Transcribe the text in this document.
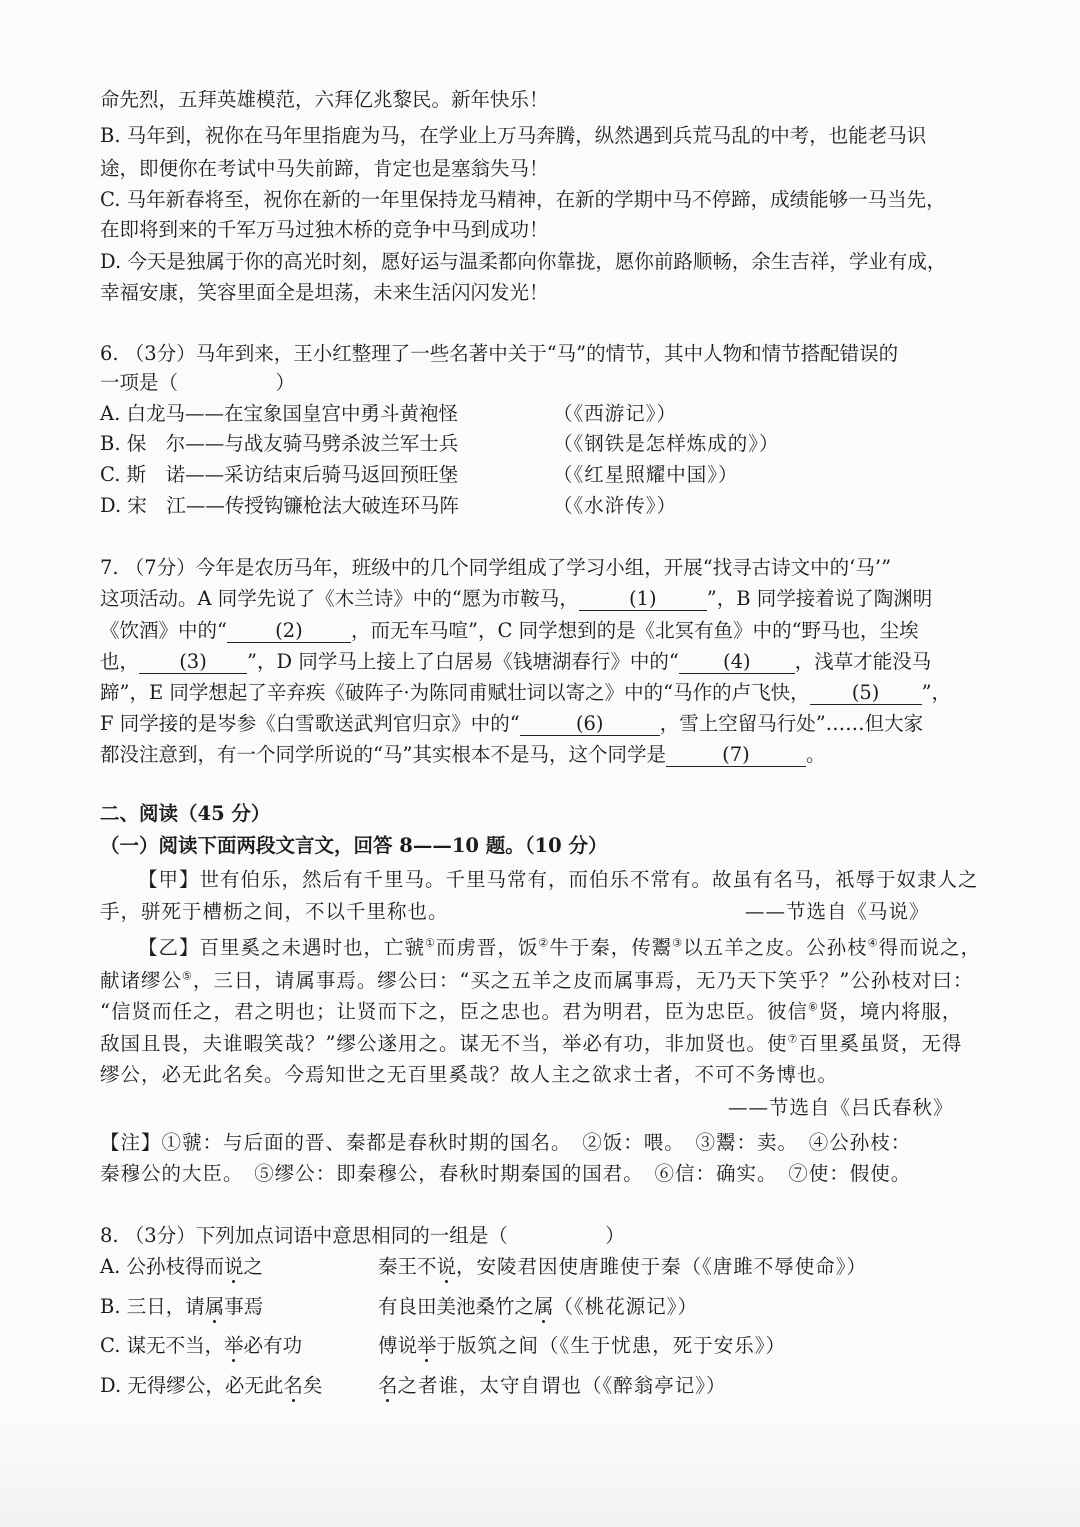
命先烈，五拜英雄模范，六拜亿兆黎民。新年快乐！
B. 马年到，祝你在马年里指鹿为马，在学业上万马奔腾，纵然遇到兵荒马乱的中考，也能老马识
途，即便你在考试中马失前蹄，肯定也是塞翁失马！
C. 马年新春将至，祝你在新的一年里保持龙马精神，在新的学期中马不停蹄，成绩能够一马当先，
在即将到来的千军万马过独木桥的竞争中马到成功！
D. 今天是独属于你的高光时刻，愿好运与温柔都向你靠拢，愿你前路顺畅，余生吉祥，学业有成，
幸福安康，笑容里面全是坦荡，未来生活闪闪发光！
6. （3分）马年到来，王小红整理了一些名著中关于“马”的情节，其中人物和情节搭配错误的
一项是（　　　　　）
A. 白龙马——在宝象国皇宫中勇斗黄袍怪	（《西游记》）
B. 保　尔——与战友骑马劈杀波兰军士兵	（《钢铁是怎样炼成的》）
C. 斯　诺——采访结束后骑马返回预旺堡	（《红星照耀中国》）
D. 宋　江——传授钩镰枪法大破连环马阵	（《水浒传》）
7. （7分）今年是农历马年，班级中的几个同学组成了学习小组，开展“找寻古诗文中的‘马’”
这项活动。A 同学先说了《木兰诗》中的“愿为市鞍马，	(1)	”，B 同学接着说了陶渊明
《饮酒》中的“ (2) ，而无车马喧”，C 同学想到的是《北冥有鱼》中的“野马也，尘埃
也， (3) ”，D 同学马上接上了白居易《钱塘湖春行》中的“ (4) ，浅草才能没马
蹄”，E 同学想起了辛弃疾《破阵子·为陈同甫赋壮词以寄之》中的“马作的卢飞快， (5) ”，
F 同学接的是岑参《白雪歌送武判官归京》中的“	(6)	，雪上空留马行处”……但大家
都没注意到，有一个同学所说的“马”其实根本不是马，这个同学是	(7)	。
二、阅读（45 分）
（一）阅读下面两段文言文，回答 8——10 题。（10 分）
【甲】世有伯乐，然后有千里马。千里马常有，而伯乐不常有。故虽有名马，祇辱于奴隶人之
手，骈死于槽枥之间，不以千里称也。	——节选自《马说》
【乙】百里奚之未遇时也，亡虢①而虏晋，饭②牛于秦，传鬻③以五羊之皮。公孙枝④得而说之，
献诸缪公⑤，三日，请属事焉。缪公曰：“买之五羊之皮而属事焉，无乃天下笑乎？”公孙枝对曰：
“信贤而任之，君之明也；让贤而下之，臣之忠也。君为明君，臣为忠臣。彼信⑥贤，境内将服，
敌国且畏，夫谁暇笑哉？”缪公遂用之。谋无不当，举必有功，非加贤也。使⑦百里奚虽贤，无得
缪公，必无此名矣。今焉知世之无百里奚哉？故人主之欲求士者，不可不务博也。
——节选自《吕氏春秋》
【注】①虢：与后面的晋、秦都是春秋时期的国名。　②饭：喂。　③鬻：卖。　④公孙枝：
秦穆公的大臣。　⑤缪公：即秦穆公，春秋时期秦国的国君。　⑥信：确实。　⑦使：假使。
8. （3分）下列加点词语中意思相同的一组是（　　　　　）
A. 公孙枝得而说之	秦王不说，安陵君因使唐雎使于秦（《唐雎不辱使命》）
B. 三日，请属事焉	有良田美池桑竹之属（《桃花源记》）
C. 谋无不当，举必有功	傅说举于版筑之间（《生于忧患，死于安乐》）
D. 无得缪公，必无此名矣	名之者谁，太守自谓也（《醉翁亭记》）
